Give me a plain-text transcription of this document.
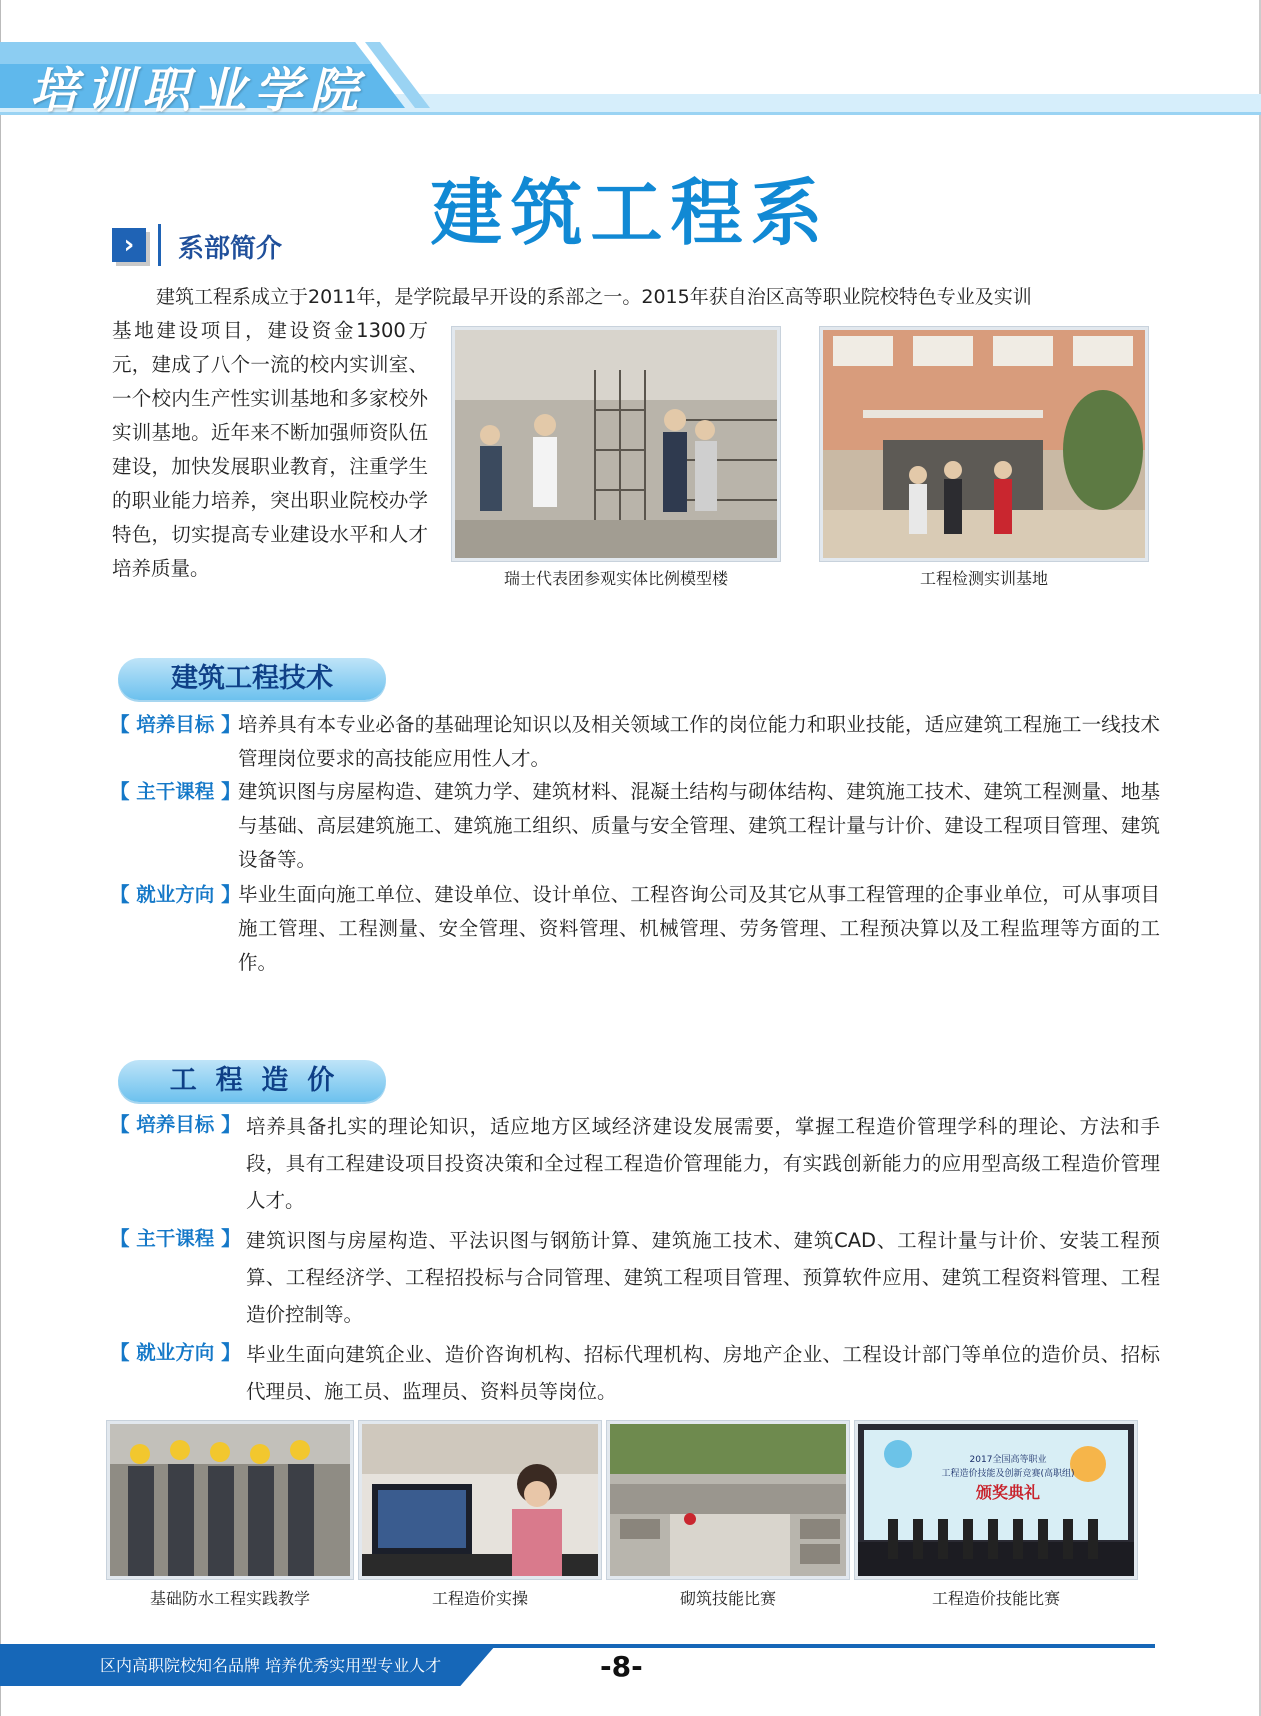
培训职业学院
建筑工程系
›	系部简介
建筑工程系成立于2011年，是学院最早开设的系部之一。2015年获自治区高等职业院校特色专业及实训
基地建设项目，建设资金1300万元，建成了八个一流的校内实训室、一个校内生产性实训基地和多家校外实训基地。近年来不断加强师资队伍建设，加快发展职业教育，注重学生的职业能力培养，突出职业院校办学特色，切实提高专业建设水平和人才培养质量。	瑞士代表团参观实体比例模型楼	工程检测实训基地
建筑工程技术
【 培养目标 】
培养具有本专业必备的基础理论知识以及相关领域工作的岗位能力和职业技能，适应建筑工程施工一线技术管理岗位要求的高技能应用性人才。
【 主干课程 】
建筑识图与房屋构造、建筑力学、建筑材料、混凝土结构与砌体结构、建筑施工技术、建筑工程测量、地基与基础、高层建筑施工、建筑施工组织、质量与安全管理、建筑工程计量与计价、建设工程项目管理、建筑设备等。
【 就业方向 】
毕业生面向施工单位、建设单位、设计单位、工程咨询公司及其它从事工程管理的企事业单位，可从事项目施工管理、工程测量、安全管理、资料管理、机械管理、劳务管理、工程预决算以及工程监理等方面的工作。
工  程  造  价
【 培养目标 】 培养具备扎实的理论知识，适应地方区域经济建设发展需要，掌握工程造价管理学科的理论、方法和手段，具有工程建设项目投资决策和全过程工程造价管理能力，有实践创新能力的应用型高级工程造价管理人才。
【 主干课程 】 建筑识图与房屋构造、平法识图与钢筋计算、建筑施工技术、建筑CAD、工程计量与计价、安装工程预算、工程经济学、工程招投标与合同管理、建筑工程项目管理、预算软件应用、建筑工程资料管理、工程造价控制等。
【 就业方向 】 毕业生面向建筑企业、造价咨询机构、招标代理机构、房地产企业、工程设计部门等单位的造价员、招标代理员、施工员、监理员、资料员等岗位。
基础防水工程实践教学	工程造价实操	砌筑技能比赛
2017全国高等职业
工程造价技能及创新竞赛(高职组)
颁奖典礼
工程造价技能比赛
区内高职院校知名品牌 培养优秀实用型专业人才	-8-
